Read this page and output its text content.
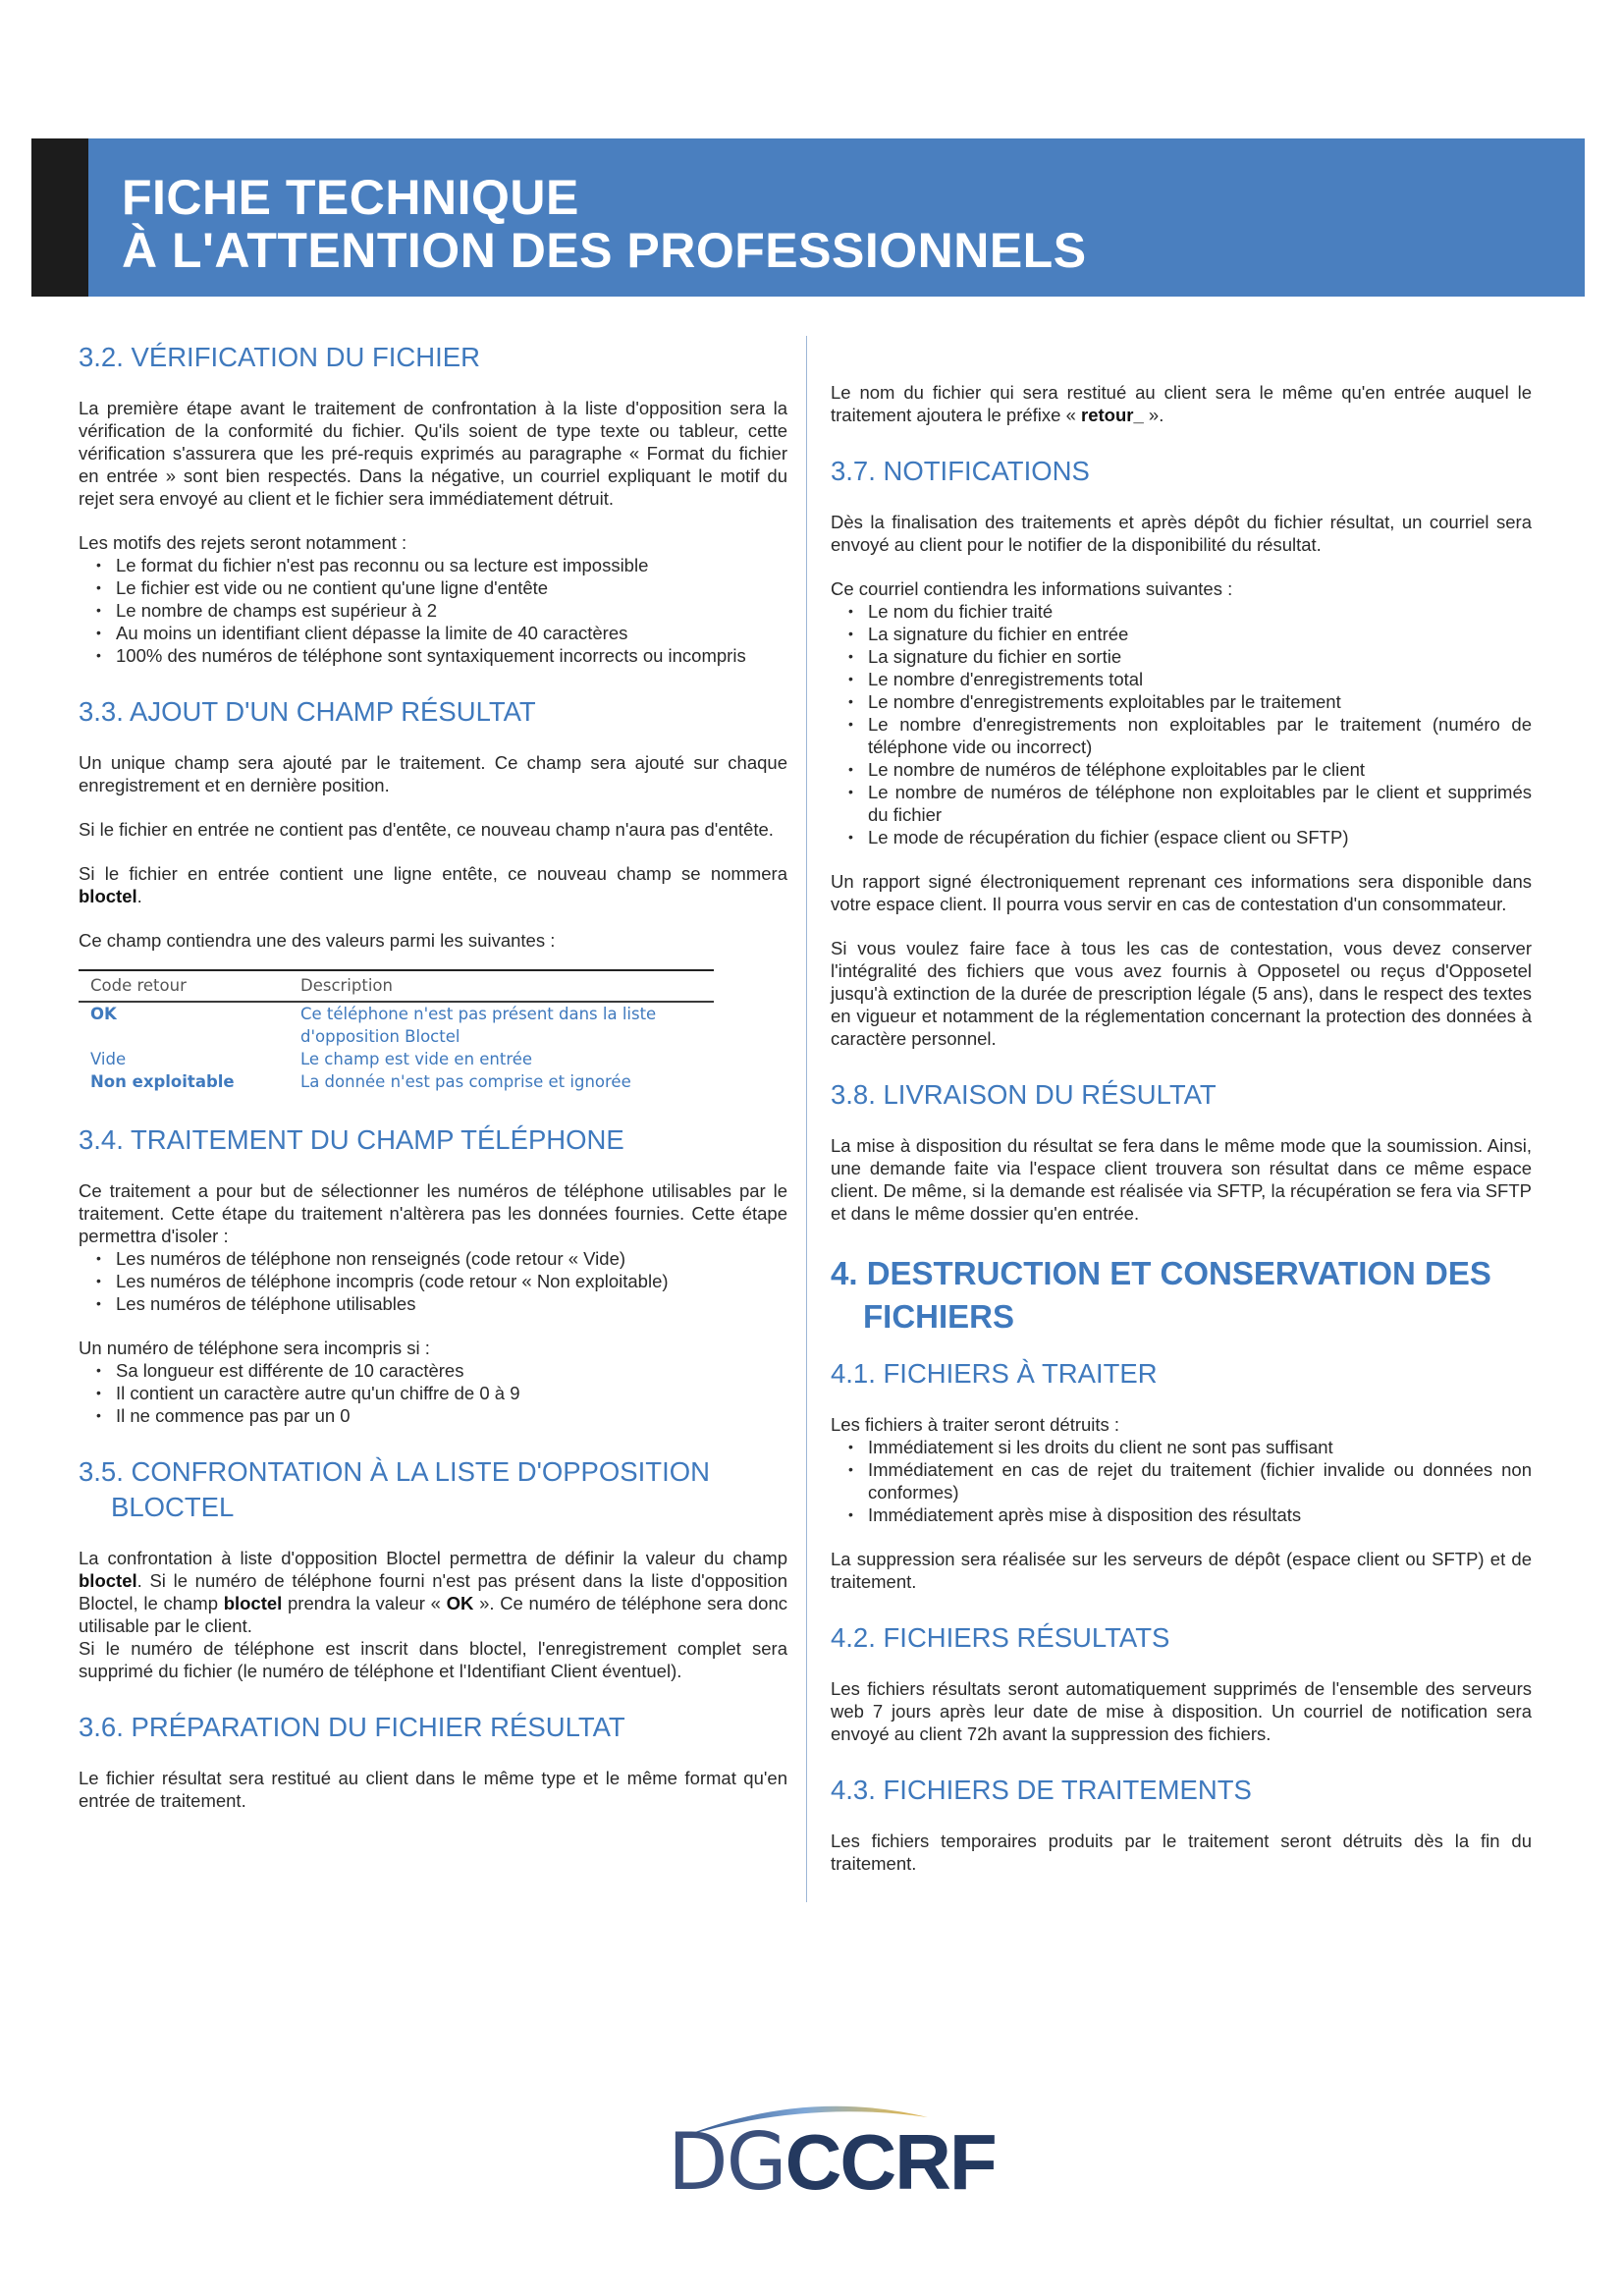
FICHE TECHNIQUE
À L'ATTENTION DES PROFESSIONNELS
3.2. VÉRIFICATION DU FICHIER

La première étape avant le traitement de confrontation à la liste d'opposition sera la vérification de la conformité du fichier. Qu'ils soient de type texte ou tableur, cette vérification s'assurera que les pré-requis exprimés au paragraphe « Format du fichier en entrée » sont bien respectés. Dans la négative, un courriel expliquant le motif du rejet sera envoyé au client et le fichier sera immédiatement détruit.

Les motifs des rejets seront notamment :

• Le format du fichier n'est pas reconnu ou sa lecture est impossible
• Le fichier est vide ou ne contient qu'une ligne d'entête
• Le nombre de champs est supérieur à 2
• Au moins un identifiant client dépasse la limite de 40 caractères
• 100% des numéros de téléphone sont syntaxiquement incorrects ou incompris
3.3. AJOUT D'UN CHAMP RÉSULTAT

Un unique champ sera ajouté par le traitement. Ce champ sera ajouté sur chaque enregistrement et en dernière position.

Si le fichier en entrée ne contient pas d'entête, ce nouveau champ n'aura pas d'entête.

Si le fichier en entrée contient une ligne entête, ce nouveau champ se nommera bloctel.

Ce champ contiendra une des valeurs parmi les suivantes :

Code retour	Description
OK	Ce téléphone n'est pas présent dans la liste d'opposition Bloctel
Vide	Le champ est vide en entrée
Non exploitable	La donnée n'est pas comprise et ignorée
3.4. TRAITEMENT DU CHAMP TÉLÉPHONE

Ce traitement a pour but de sélectionner les numéros de téléphone utilisables par le traitement. Cette étape du traitement n'altèrera pas les données fournies. Cette étape permettra d'isoler :

• Les numéros de téléphone non renseignés (code retour « Vide)
• Les numéros de téléphone incompris (code retour « Non exploitable)
• Les numéros de téléphone utilisables

Un numéro de téléphone sera incompris si :

• Sa longueur est différente de 10 caractères
• Il contient un caractère autre qu'un chiffre de 0 à 9
• Il ne commence pas par un 0
3.5. CONFRONTATION À LA LISTE D'OPPOSITION
BLOCTEL

La confrontation à liste d'opposition Bloctel permettra de définir la valeur du champ bloctel. Si le numéro de téléphone fourni n'est pas présent dans la liste d'opposition Bloctel, le champ bloctel prendra la valeur « OK ». Ce numéro de téléphone sera donc utilisable par le client.

Si le numéro de téléphone est inscrit dans bloctel, l'enregistrement complet sera supprimé du fichier (le numéro de téléphone et l'Identifiant Client éventuel).

3.6. PRÉPARATION DU FICHIER RÉSULTAT

Le fichier résultat sera restitué au client dans le même type et le même format qu'en entrée de traitement.

Le nom du fichier qui sera restitué au client sera le même qu'en entrée auquel le traitement ajoutera le préfixe « retour_ ».

3.7. NOTIFICATIONS

Dès la finalisation des traitements et après dépôt du fichier résultat, un courriel sera envoyé au client pour le notifier de la disponibilité du résultat.

Ce courriel contiendra les informations suivantes :

• Le nom du fichier traité
• La signature du fichier en entrée
• La signature du fichier en sortie
• Le nombre d'enregistrements total
• Le nombre d'enregistrements exploitables par le traitement
• Le nombre d'enregistrements non exploitables par le traitement (numéro de téléphone vide ou incorrect)
• Le nombre de numéros de téléphone exploitables par le client
• Le nombre de numéros de téléphone non exploitables par le client et supprimés du fichier
• Le mode de récupération du fichier (espace client ou SFTP)

Un rapport signé électroniquement reprenant ces informations sera disponible dans votre espace client. Il pourra vous servir en cas de contestation d'un consommateur.

Si vous voulez faire face à tous les cas de contestation, vous devez conserver l'intégralité des fichiers que vous avez fournis à Opposetel ou reçus d'Opposetel jusqu'à extinction de la durée de prescription légale (5 ans), dans le respect des textes en vigueur et notamment de la réglementation concernant la protection des données à caractère personnel.

3.8. LIVRAISON DU RÉSULTAT

La mise à disposition du résultat se fera dans le même mode que la soumission. Ainsi, une demande faite via l'espace client trouvera son résultat dans ce même espace client. De même, si la demande est réalisée via SFTP, la récupération se fera via SFTP et dans le même dossier qu'en entrée.

4. DESTRUCTION ET CONSERVATION DES
FICHIERS
4.1. FICHIERS À TRAITER

Les fichiers à traiter seront détruits :

• Immédiatement si les droits du client ne sont pas suffisant
• Immédiatement en cas de rejet du traitement (fichier invalide ou données non conformes)
• Immédiatement après mise à disposition des résultats

La suppression sera réalisée sur les serveurs de dépôt (espace client ou SFTP) et de traitement.

4.2. FICHIERS RÉSULTATS

Les fichiers résultats seront automatiquement supprimés de l'ensemble des serveurs web 7 jours après leur date de mise à disposition. Un courriel de notification sera envoyé au client 72h avant la suppression des fichiers.

4.3. FICHIERS DE TRAITEMENTS

Les fichiers temporaires produits par le traitement seront détruits dès la fin du traitement.

DGCCRF
